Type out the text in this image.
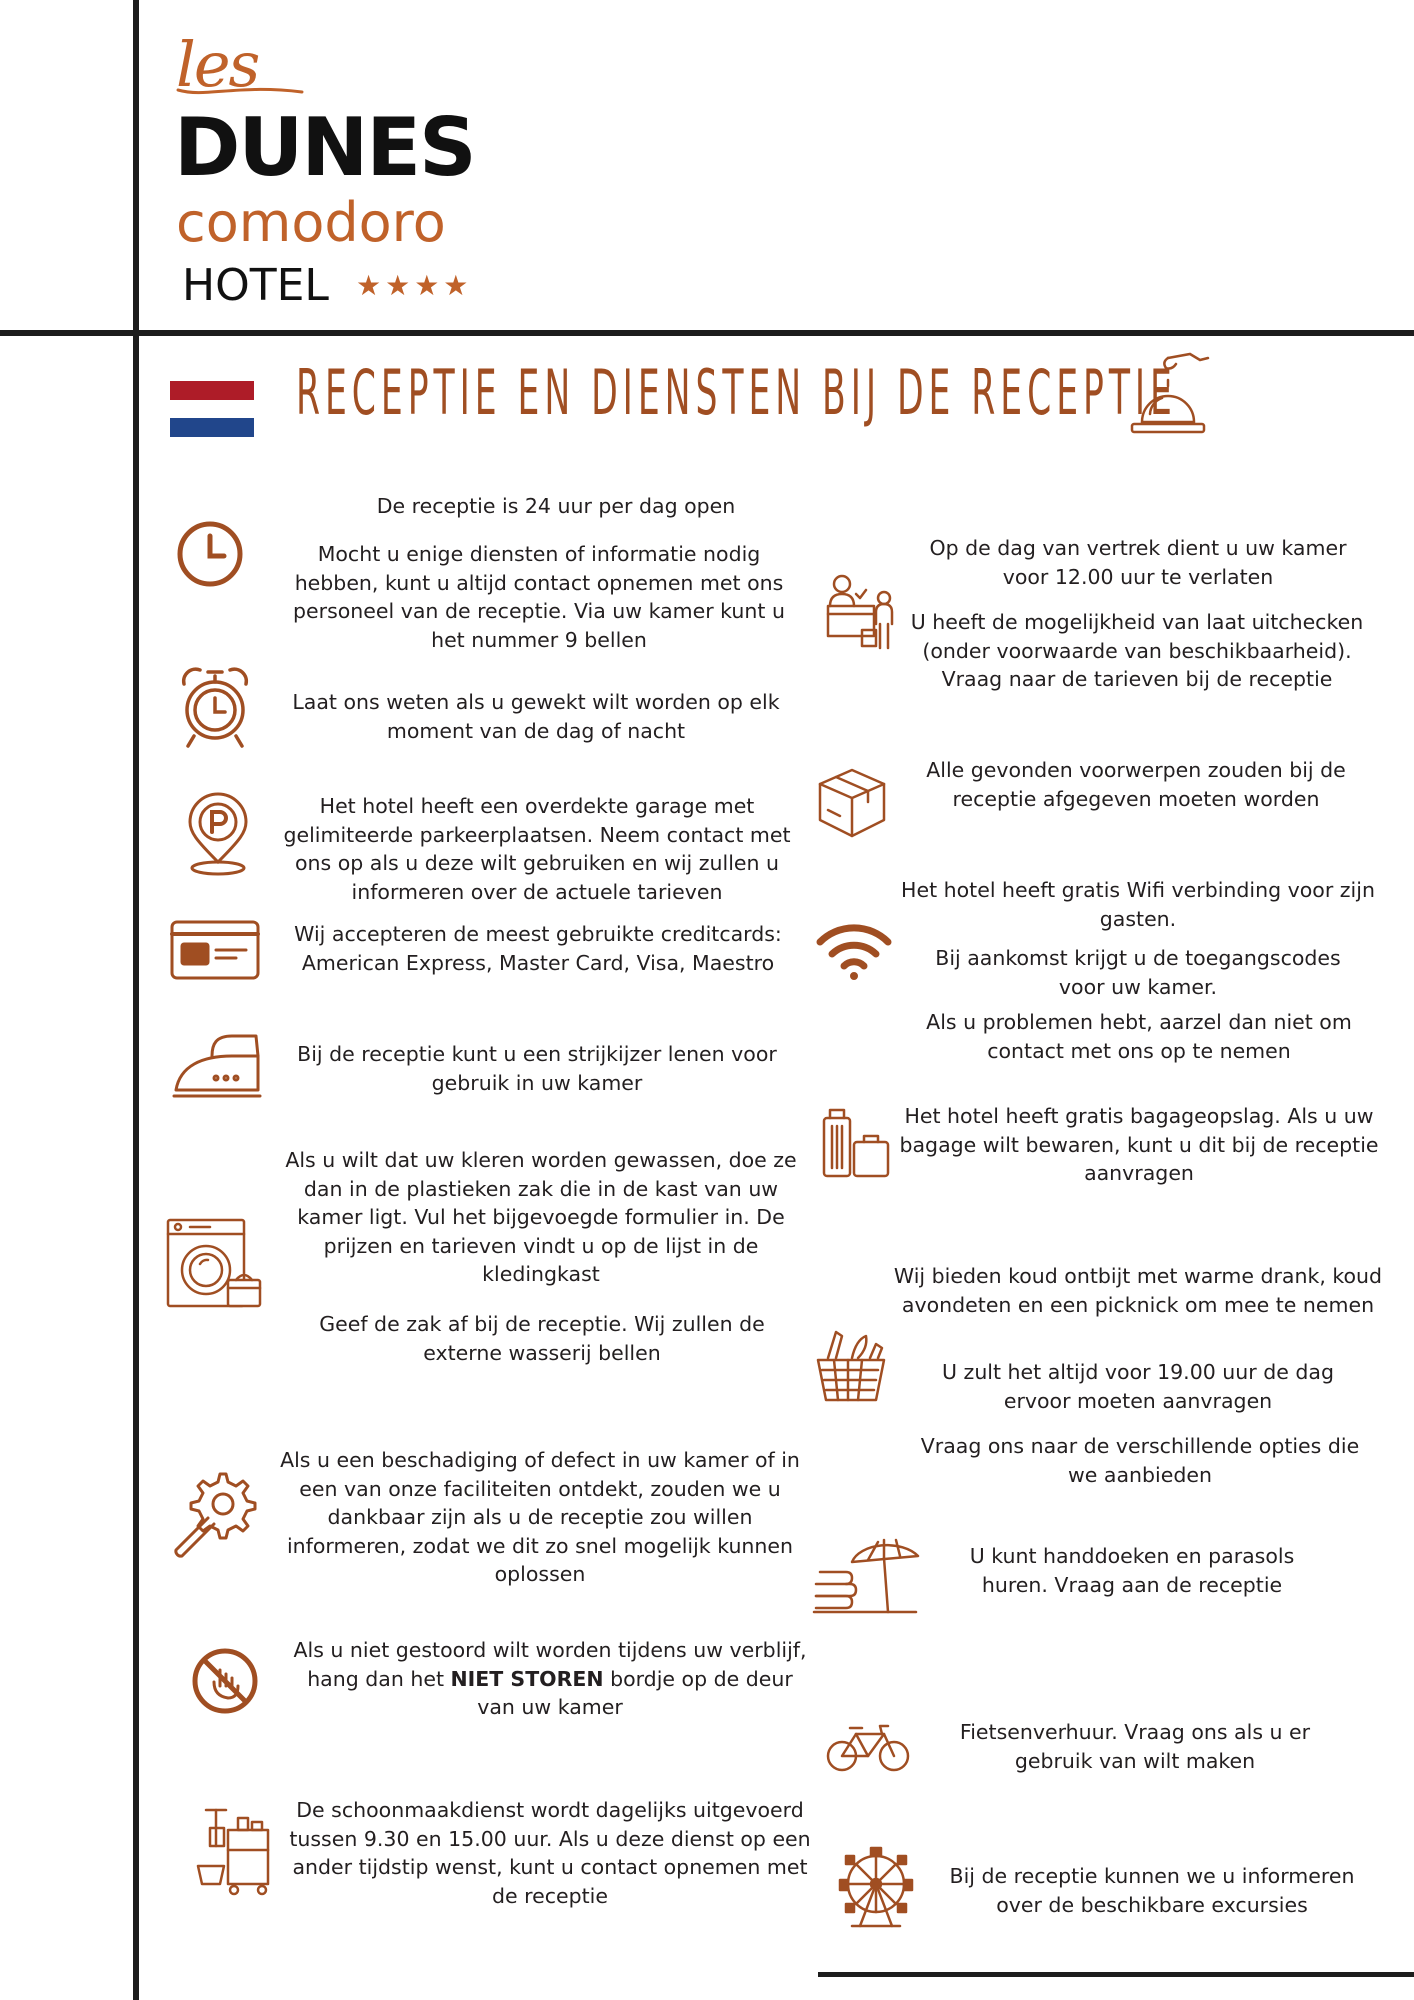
les
DUNES
comodoro
HOTEL ★★★★
RECEPTIE EN DIENSTEN BIJ DE RECEPTIE
De receptie is 24 uur per dag open
Mocht u enige diensten of informatie nodig hebben, kunt u altijd contact opnemen met ons personeel van de receptie. Via uw kamer kunt u het nummer 9 bellen
Laat ons weten als u gewekt wilt worden op elk moment van de dag of nacht
Het hotel heeft een overdekte garage met gelimiteerde parkeerplaatsen. Neem contact met ons op als u deze wilt gebruiken en wij zullen u informeren over de actuele tarieven
Wij accepteren de meest gebruikte creditcards: American Express, Master Card, Visa, Maestro
Bij de receptie kunt u een strijkijzer lenen voor gebruik in uw kamer
Als u wilt dat uw kleren worden gewassen, doe ze dan in de plastieken zak die in de kast van uw kamer ligt. Vul het bijgevoegde formulier in. De prijzen en tarieven vindt u op de lijst in de kledingkast
Geef de zak af bij de receptie. Wij zullen de externe wasserij bellen
Als u een beschadiging of defect in uw kamer of in een van onze faciliteiten ontdekt, zouden we u dankbaar zijn als u de receptie zou willen informeren, zodat we dit zo snel mogelijk kunnen oplossen
Als u niet gestoord wilt worden tijdens uw verblijf, hang dan het NIET STOREN bordje op de deur van uw kamer
De schoonmaakdienst wordt dagelijks uitgevoerd tussen 9.30 en 15.00 uur. Als u deze dienst op een ander tijdstip wenst, kunt u contact opnemen met de receptie
Op de dag van vertrek dient u uw kamer voor 12.00 uur te verlaten
U heeft de mogelijkheid van laat uitchecken (onder voorwaarde van beschikbaarheid). Vraag naar de tarieven bij de receptie
Alle gevonden voorwerpen zouden bij de receptie afgegeven moeten worden
Het hotel heeft gratis Wifi verbinding voor zijn gasten.
Bij aankomst krijgt u de toegangscodes voor uw kamer.
Als u problemen hebt, aarzel dan niet om contact met ons op te nemen
Het hotel heeft gratis bagageopslag. Als u uw bagage wilt bewaren, kunt u dit bij de receptie aanvragen
Wij bieden koud ontbijt met warme drank, koud avondeten en een picknick om mee te nemen
U zult het altijd voor 19.00 uur de dag ervoor moeten aanvragen
Vraag ons naar de verschillende opties die we aanbieden
U kunt handdoeken en parasols huren. Vraag aan de receptie
Fietsenverhuur. Vraag ons als u er gebruik van wilt maken
Bij de receptie kunnen we u informeren over de beschikbare excursies
